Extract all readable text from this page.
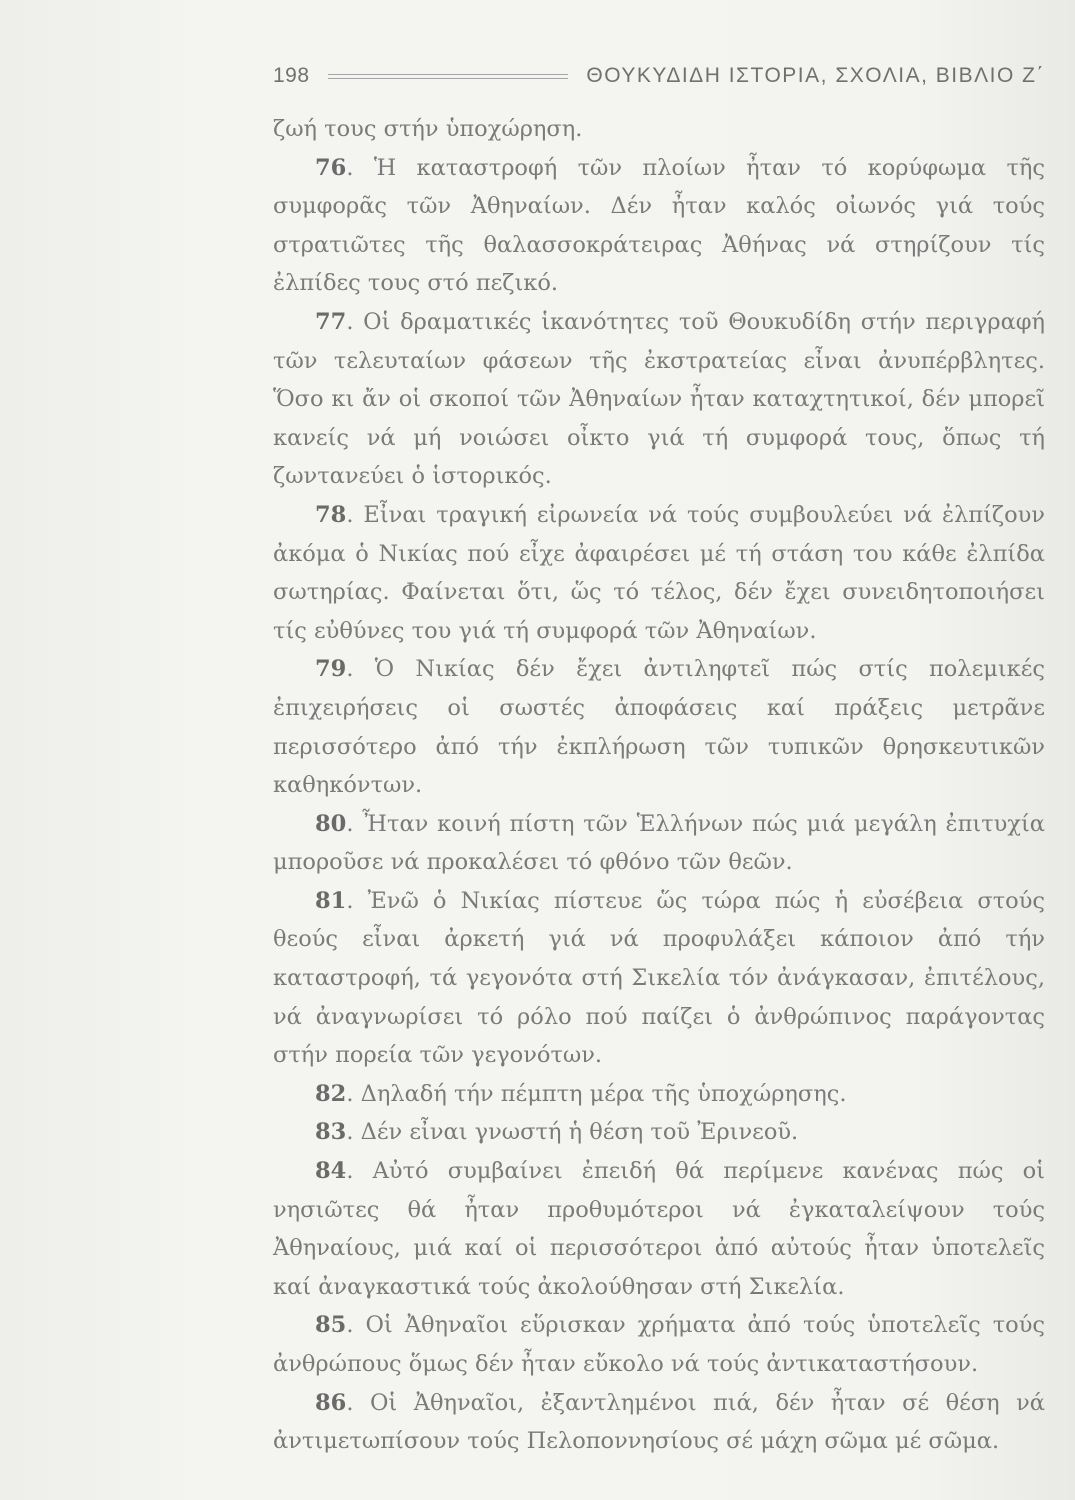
198	ΘΟΥΚΥΔΙΔΗ ΙΣΤΟΡΙΑ, ΣΧΟΛΙΑ, ΒΙΒΛΙΟ Ζ΄

ζωή τους στήν ὑποχώρηση.

76. Ἡ καταστροφή τῶν πλοίων ἦταν τό κορύφωμα τῆς συμφορᾶς τῶν Ἀθηναίων. Δέν ἦταν καλός οἰωνός γιά τούς στρατιῶτες τῆς θαλασσοκράτειρας Ἀθήνας νά στηρίζουν τίς ἐλπίδες τους στό πεζικό.

77. Οἱ δραματικές ἱκανότητες τοῦ Θουκυδίδη στήν περιγραφή τῶν τελευταίων φάσεων τῆς ἐκστρατείας εἶναι ἀνυπέρβλητες. Ὅσο κι ἄν οἱ σκοποί τῶν Ἀθηναίων ἦταν καταχτητικοί, δέν μπορεῖ κανείς νά μή νοιώσει οἶκτο γιά τή συμφορά τους, ὅπως τή ζωντανεύει ὁ ἱστορικός.

78. Εἶναι τραγική εἰρωνεία νά τούς συμβουλεύει νά ἐλπίζουν ἀκόμα ὁ Νικίας πού εἶχε ἀφαιρέσει μέ τή στάση του κάθε ἐλπίδα σωτηρίας. Φαίνεται ὅτι, ὥς τό τέλος, δέν ἔχει συνειδητοποιήσει τίς εὐθύνες του γιά τή συμφορά τῶν Ἀθηναίων.

79. Ὁ Νικίας δέν ἔχει ἀντιληφτεῖ πώς στίς πολεμικές ἐπιχειρήσεις οἱ σωστές ἀποφάσεις καί πράξεις μετρᾶνε περισσότερο ἀπό τήν ἐκπλήρωση τῶν τυπικῶν θρησκευτικῶν καθηκόντων.

80. Ἦταν κοινή πίστη τῶν Ἑλλήνων πώς μιά μεγάλη ἐπιτυχία μποροῦσε νά προκαλέσει τό φθόνο τῶν θεῶν.

81. Ἐνῶ ὁ Νικίας πίστευε ὥς τώρα πώς ἡ εὐσέβεια στούς θεούς εἶναι ἀρκετή γιά νά προφυλάξει κάποιον ἀπό τήν καταστροφή, τά γεγονότα στή Σικελία τόν ἀνάγκασαν, ἐπιτέλους, νά ἀναγνωρίσει τό ρόλο πού παίζει ὁ ἀνθρώπινος παράγοντας στήν πορεία τῶν γεγονότων.

82. Δηλαδή τήν πέμπτη μέρα τῆς ὑποχώρησης.

83. Δέν εἶναι γνωστή ἡ θέση τοῦ Ἐρινεοῦ.

84. Αὐτό συμβαίνει ἐπειδή θά περίμενε κανένας πώς οἱ νησιῶτες θά ἦταν προθυμότεροι νά ἐγκαταλείψουν τούς Ἀθηναίους, μιά καί οἱ περισσότεροι ἀπό αὐτούς ἦταν ὑποτελεῖς καί ἀναγκαστικά τούς ἀκολούθησαν στή Σικελία.

85. Οἱ Ἀθηναῖοι εὕρισκαν χρήματα ἀπό τούς ὑποτελεῖς τούς ἀνθρώπους ὅμως δέν ἦταν εὔκολο νά τούς ἀντικαταστήσουν.

86. Οἱ Ἀθηναῖοι, ἐξαντλημένοι πιά, δέν ἦταν σέ θέση νά ἀντιμετωπίσουν τούς Πελοποννησίους σέ μάχη σῶμα μέ σῶμα.
